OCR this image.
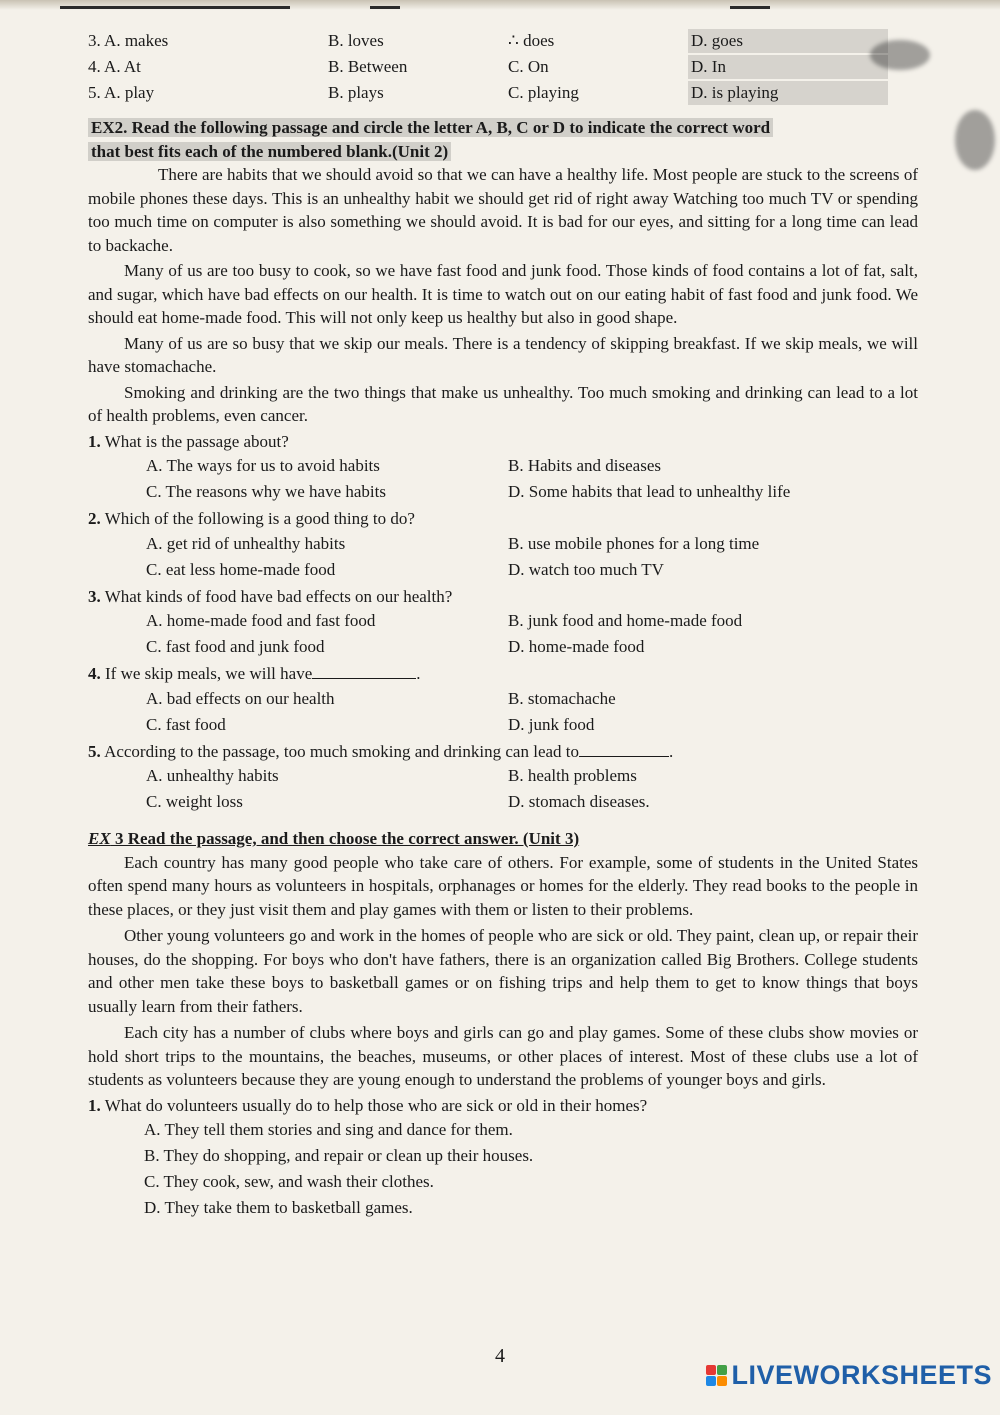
3. A. makes	B. loves	∴ does	D. goes
4. A. At	B. Between	C. On	D. In
5. A. play	B. plays	C. playing	D. is playing
EX2. Read the following passage and circle the letter A, B, C or D to indicate the correct word
that best fits each of the numbered blank.(Unit 2)

There are habits that we should avoid so that we can have a healthy life. Most people are stuck to the screens of mobile phones these days. This is an unhealthy habit we should get rid of right away Watching too much TV or spending too much time on computer is also something we should avoid. It is bad for our eyes, and sitting for a long time can lead to backache.

Many of us are too busy to cook, so we have fast food and junk food. Those kinds of food contains a lot of fat, salt, and sugar, which have bad effects on our health. It is time to watch out on our eating habit of fast food and junk food. We should eat home-made food. This will not only keep us healthy but also in good shape.

Many of us are so busy that we skip our meals. There is a tendency of skipping breakfast. If we skip meals, we will have stomachache.

Smoking and drinking are the two things that make us unhealthy. Too much smoking and drinking can lead to a lot of health problems, even cancer.

1. What is the passage about?
A. The ways for us to avoid habits	B. Habits and diseases
C. The reasons why we have habits	D. Some habits that lead to unhealthy life
2. Which of the following is a good thing to do?
A. get rid of unhealthy habits	B. use mobile phones for a long time
C. eat less home-made food	D. watch too much TV
3. What kinds of food have bad effects on our health?
A. home-made food and fast food	B. junk food and home-made food
C. fast food and junk food	D. home-made food
4. If we skip meals, we will have	.
A. bad effects on our health	B. stomachache
C. fast food	D. junk food
5. According to the passage, too much smoking and drinking can lead to	.
A. unhealthy habits	B. health problems
C. weight loss	D. stomach diseases.
EX 3 Read the passage, and then choose the correct answer. (Unit 3)

Each country has many good people who take care of others. For example, some of students in the United States often spend many hours as volunteers in hospitals, orphanages or homes for the elderly. They read books to the people in these places, or they just visit them and play games with them or listen to their problems.

Other young volunteers go and work in the homes of people who are sick or old. They paint, clean up, or repair their houses, do the shopping. For boys who don't have fathers, there is an organization called Big Brothers. College students and other men take these boys to basketball games or on fishing trips and help them to get to know things that boys usually learn from their fathers.

Each city has a number of clubs where boys and girls can go and play games. Some of these clubs show movies or hold short trips to the mountains, the beaches, museums, or other places of interest. Most of these clubs use a lot of students as volunteers because they are young enough to understand the problems of younger boys and girls.

1. What do volunteers usually do to help those who are sick or old in their homes?
A. They tell them stories and sing and dance for them.
B. They do shopping, and repair or clean up their houses.
C. They cook, sew, and wash their clothes.
D. They take them to basketball games.
4
LIVEWORKSHEETS
